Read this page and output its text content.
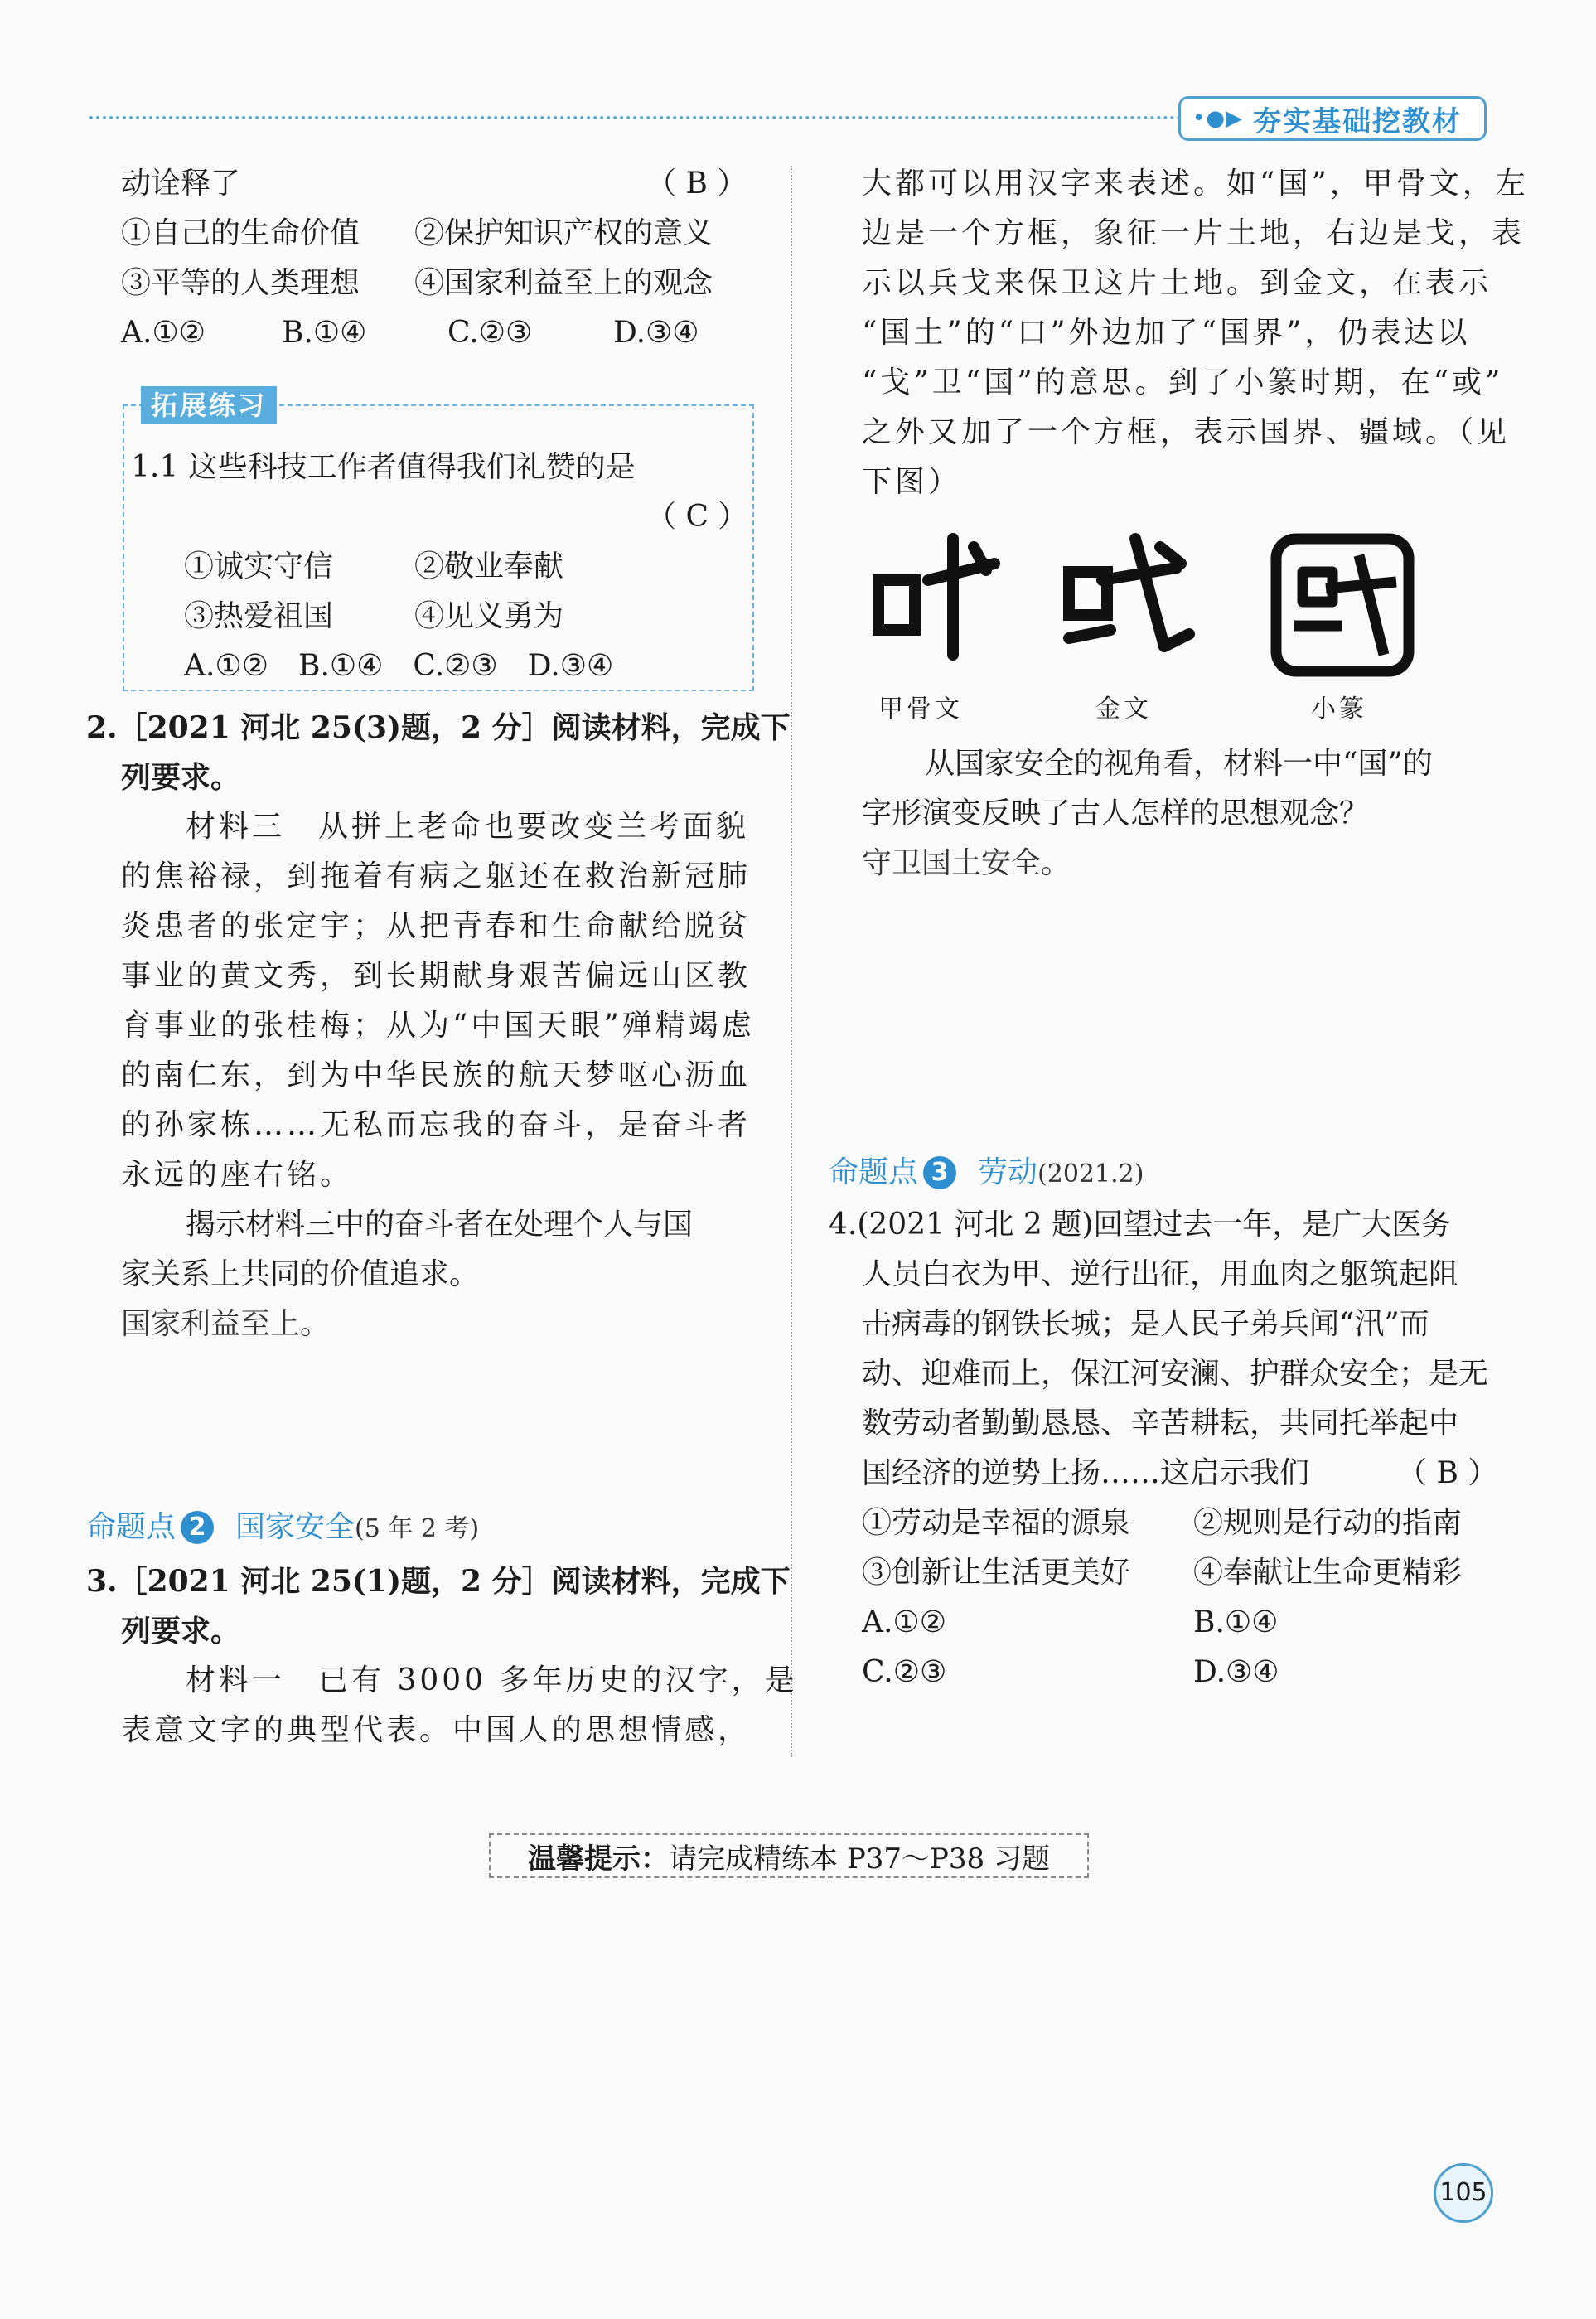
•●▶ 夯实基础挖教材
动诠释了	（ B ）
①自己的生命价值 ②保护知识产权的意义
③平等的人类理想 ④国家利益至上的观念
A.①②	B.①④	C.②③	D.③④
拓展练习
1.1 这些科技工作者值得我们礼赞的是
（ C ）
①诚实守信	②敬业奉献
③热爱祖国	④见义勇为
A.①②　B.①④　C.②③　D.③④
2.［2021 河北 25(3)题，2 分］阅读材料，完成下
列要求。
材料三　从拼上老命也要改变兰考面貌
的焦裕禄，到拖着有病之躯还在救治新冠肺
炎患者的张定宇；从把青春和生命献给脱贫
事业的黄文秀，到长期献身艰苦偏远山区教
育事业的张桂梅；从为“中国天眼”殚精竭虑
的南仁东，到为中华民族的航天梦呕心沥血
的孙家栋……无私而忘我的奋斗，是奋斗者
永远的座右铭。
揭示材料三中的奋斗者在处理个人与国
家关系上共同的价值追求。
国家利益至上。
命题点 2 国家安全(5 年 2 考)
3.［2021 河北 25(1)题，2 分］阅读材料，完成下
列要求。
材料一　已有 3000 多年历史的汉字，是
表意文字的典型代表。中国人的思想情感，
大都可以用汉字来表述。如“国”，甲骨文，左
边是一个方框，象征一片土地，右边是戈，表
示以兵戈来保卫这片土地。到金文，在表示
“国土”的“口”外边加了“国界”，仍表达以
“戈”卫“国”的意思。到了小篆时期，在“或”
之外又加了一个方框，表示国界、疆域。（见
下图）
甲骨文	金文	小篆
从国家安全的视角看，材料一中“国”的
字形演变反映了古人怎样的思想观念？
守卫国土安全。
命题点 3 劳动(2021.2)
4.(2021 河北 2 题)回望过去一年，是广大医务
人员白衣为甲、逆行出征，用血肉之躯筑起阻
击病毒的钢铁长城；是人民子弟兵闻“汛”而
动、迎难而上，保江河安澜、护群众安全；是无
数劳动者勤勤恳恳、辛苦耕耘，共同托举起中
国经济的逆势上扬……这启示我们	（ B ）
①劳动是幸福的源泉 ②规则是行动的指南
③创新让生活更美好 ④奉献让生命更精彩
A.①②	B.①④
C.②③	D.③④
温馨提示： 请完成精练本 P37～P38 习题
105
